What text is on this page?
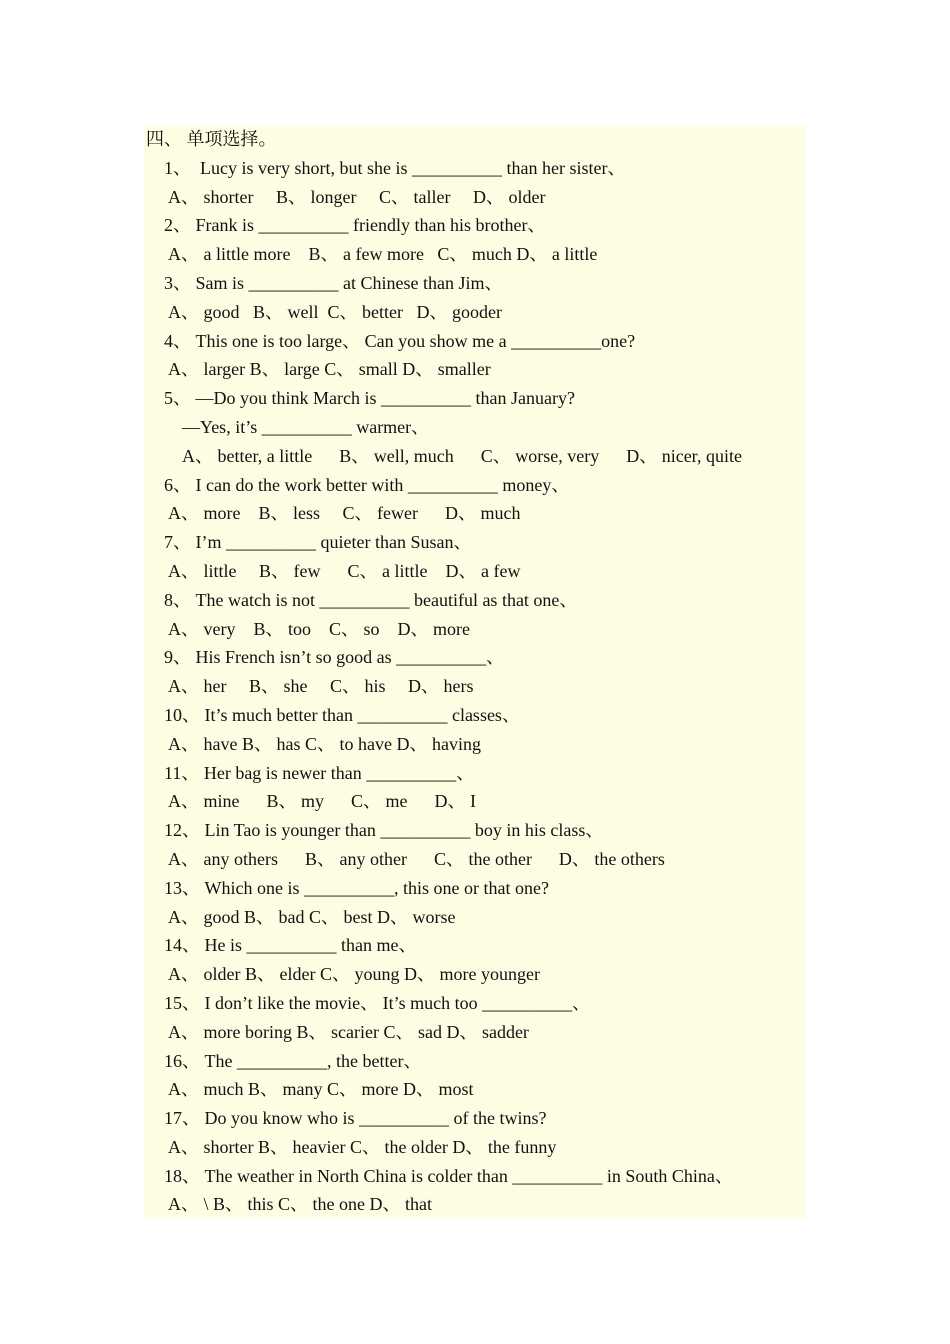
四、 单项选择。
1、  Lucy is very short, but she is __________ than her sister、
A、 shorter     B、 longer     C、 taller     D、 older
2、 Frank is __________ friendly than his brother、
A、 a little more    B、 a few more   C、 much D、 a little
3、 Sam is __________ at Chinese than Jim、
A、 good   B、 well  C、 better   D、 gooder
4、 This one is too large、 Can you show me a __________one?
A、 larger B、 large C、 small D、 smaller
5、 —Do you think March is __________ than January?
—Yes, it’s __________ warmer、
A、 better, a little      B、 well, much      C、 worse, very      D、 nicer, quite
6、 I can do the work better with __________ money、
A、 more    B、 less     C、 fewer      D、 much
7、 I’m __________ quieter than Susan、
A、 little     B、 few      C、 a little    D、 a few
8、 The watch is not __________ beautiful as that one、
A、 very    B、 too    C、 so    D、 more
9、 His French isn’t so good as __________、
A、 her     B、 she     C、 his     D、 hers
10、 It’s much better than __________ classes、
A、 have B、 has C、 to have D、 having
11、 Her bag is newer than __________、
A、 mine      B、 my      C、 me      D、 I
12、 Lin Tao is younger than __________ boy in his class、
A、 any others      B、 any other      C、 the other      D、 the others
13、 Which one is __________, this one or that one?
A、 good B、 bad C、 best D、 worse
14、 He is __________ than me、
A、 older B、 elder C、 young D、 more younger
15、 I don’t like the movie、 It’s much too __________、
A、 more boring B、 scarier C、 sad D、 sadder
16、 The __________, the better、
A、 much B、 many C、 more D、 most
17、 Do you know who is __________ of the twins?
A、 shorter B、 heavier C、 the older D、 the funny
18、 The weather in North China is colder than __________ in South China、
A、 \ B、 this C、 the one D、 that
